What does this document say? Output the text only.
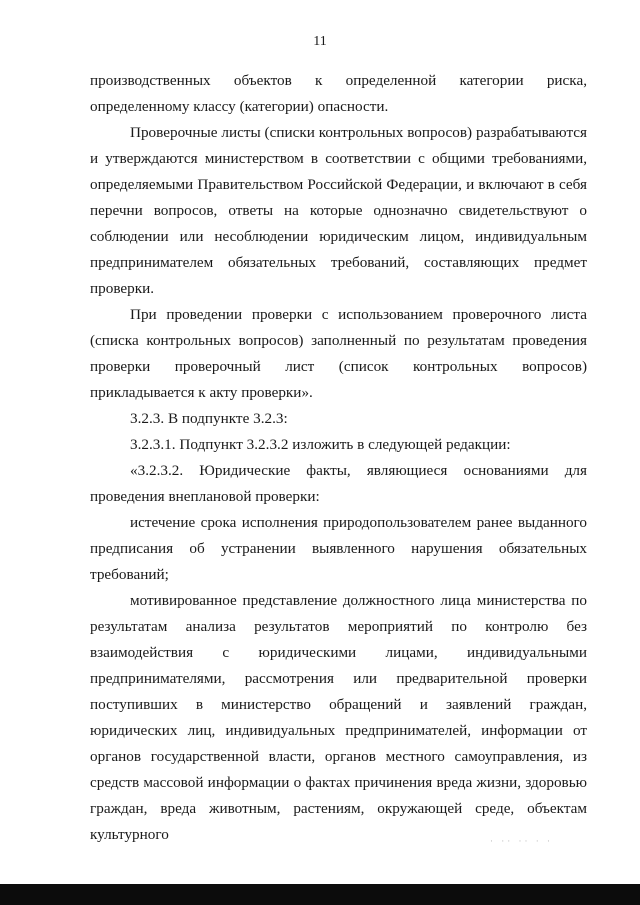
11

производственных объектов к определенной категории риска, определенному классу (категории) опасности.

Проверочные листы (списки контрольных вопросов) разрабатываются и утверждаются министерством в соответствии с общими требованиями, определяемыми Правительством Российской Федерации, и включают в себя перечни вопросов, ответы на которые однозначно свидетельствуют о соблюдении или несоблюдении юридическим лицом, индивидуальным предпринимателем обязательных требований, составляющих предмет проверки.

При проведении проверки с использованием проверочного листа (списка контрольных вопросов) заполненный по результатам проведения проверки проверочный лист (список контрольных вопросов) прикладывается к акту проверки».

3.2.3. В подпункте 3.2.3:

3.2.3.1. Подпункт 3.2.3.2 изложить в следующей редакции:

«3.2.3.2. Юридические факты, являющиеся основаниями для проведения внеплановой проверки:

истечение срока исполнения природопользователем ранее выданного предписания об устранении выявленного нарушения обязательных требований;

мотивированное представление должностного лица министерства по результатам анализа результатов мероприятий по контролю без взаимодействия с юридическими лицами, индивидуальными предпринимателями, рассмотрения или предварительной проверки поступивших в министерство обращений и заявлений граждан, юридических лиц, индивидуальных предпринимателей, информации от органов государственной власти, органов местного самоуправления, из средств массовой информации о фактах причинения вреда жизни, здоровью граждан, вреда животным, растениям, окружающей среде, объектам культурного	· ·· ·· · ·
